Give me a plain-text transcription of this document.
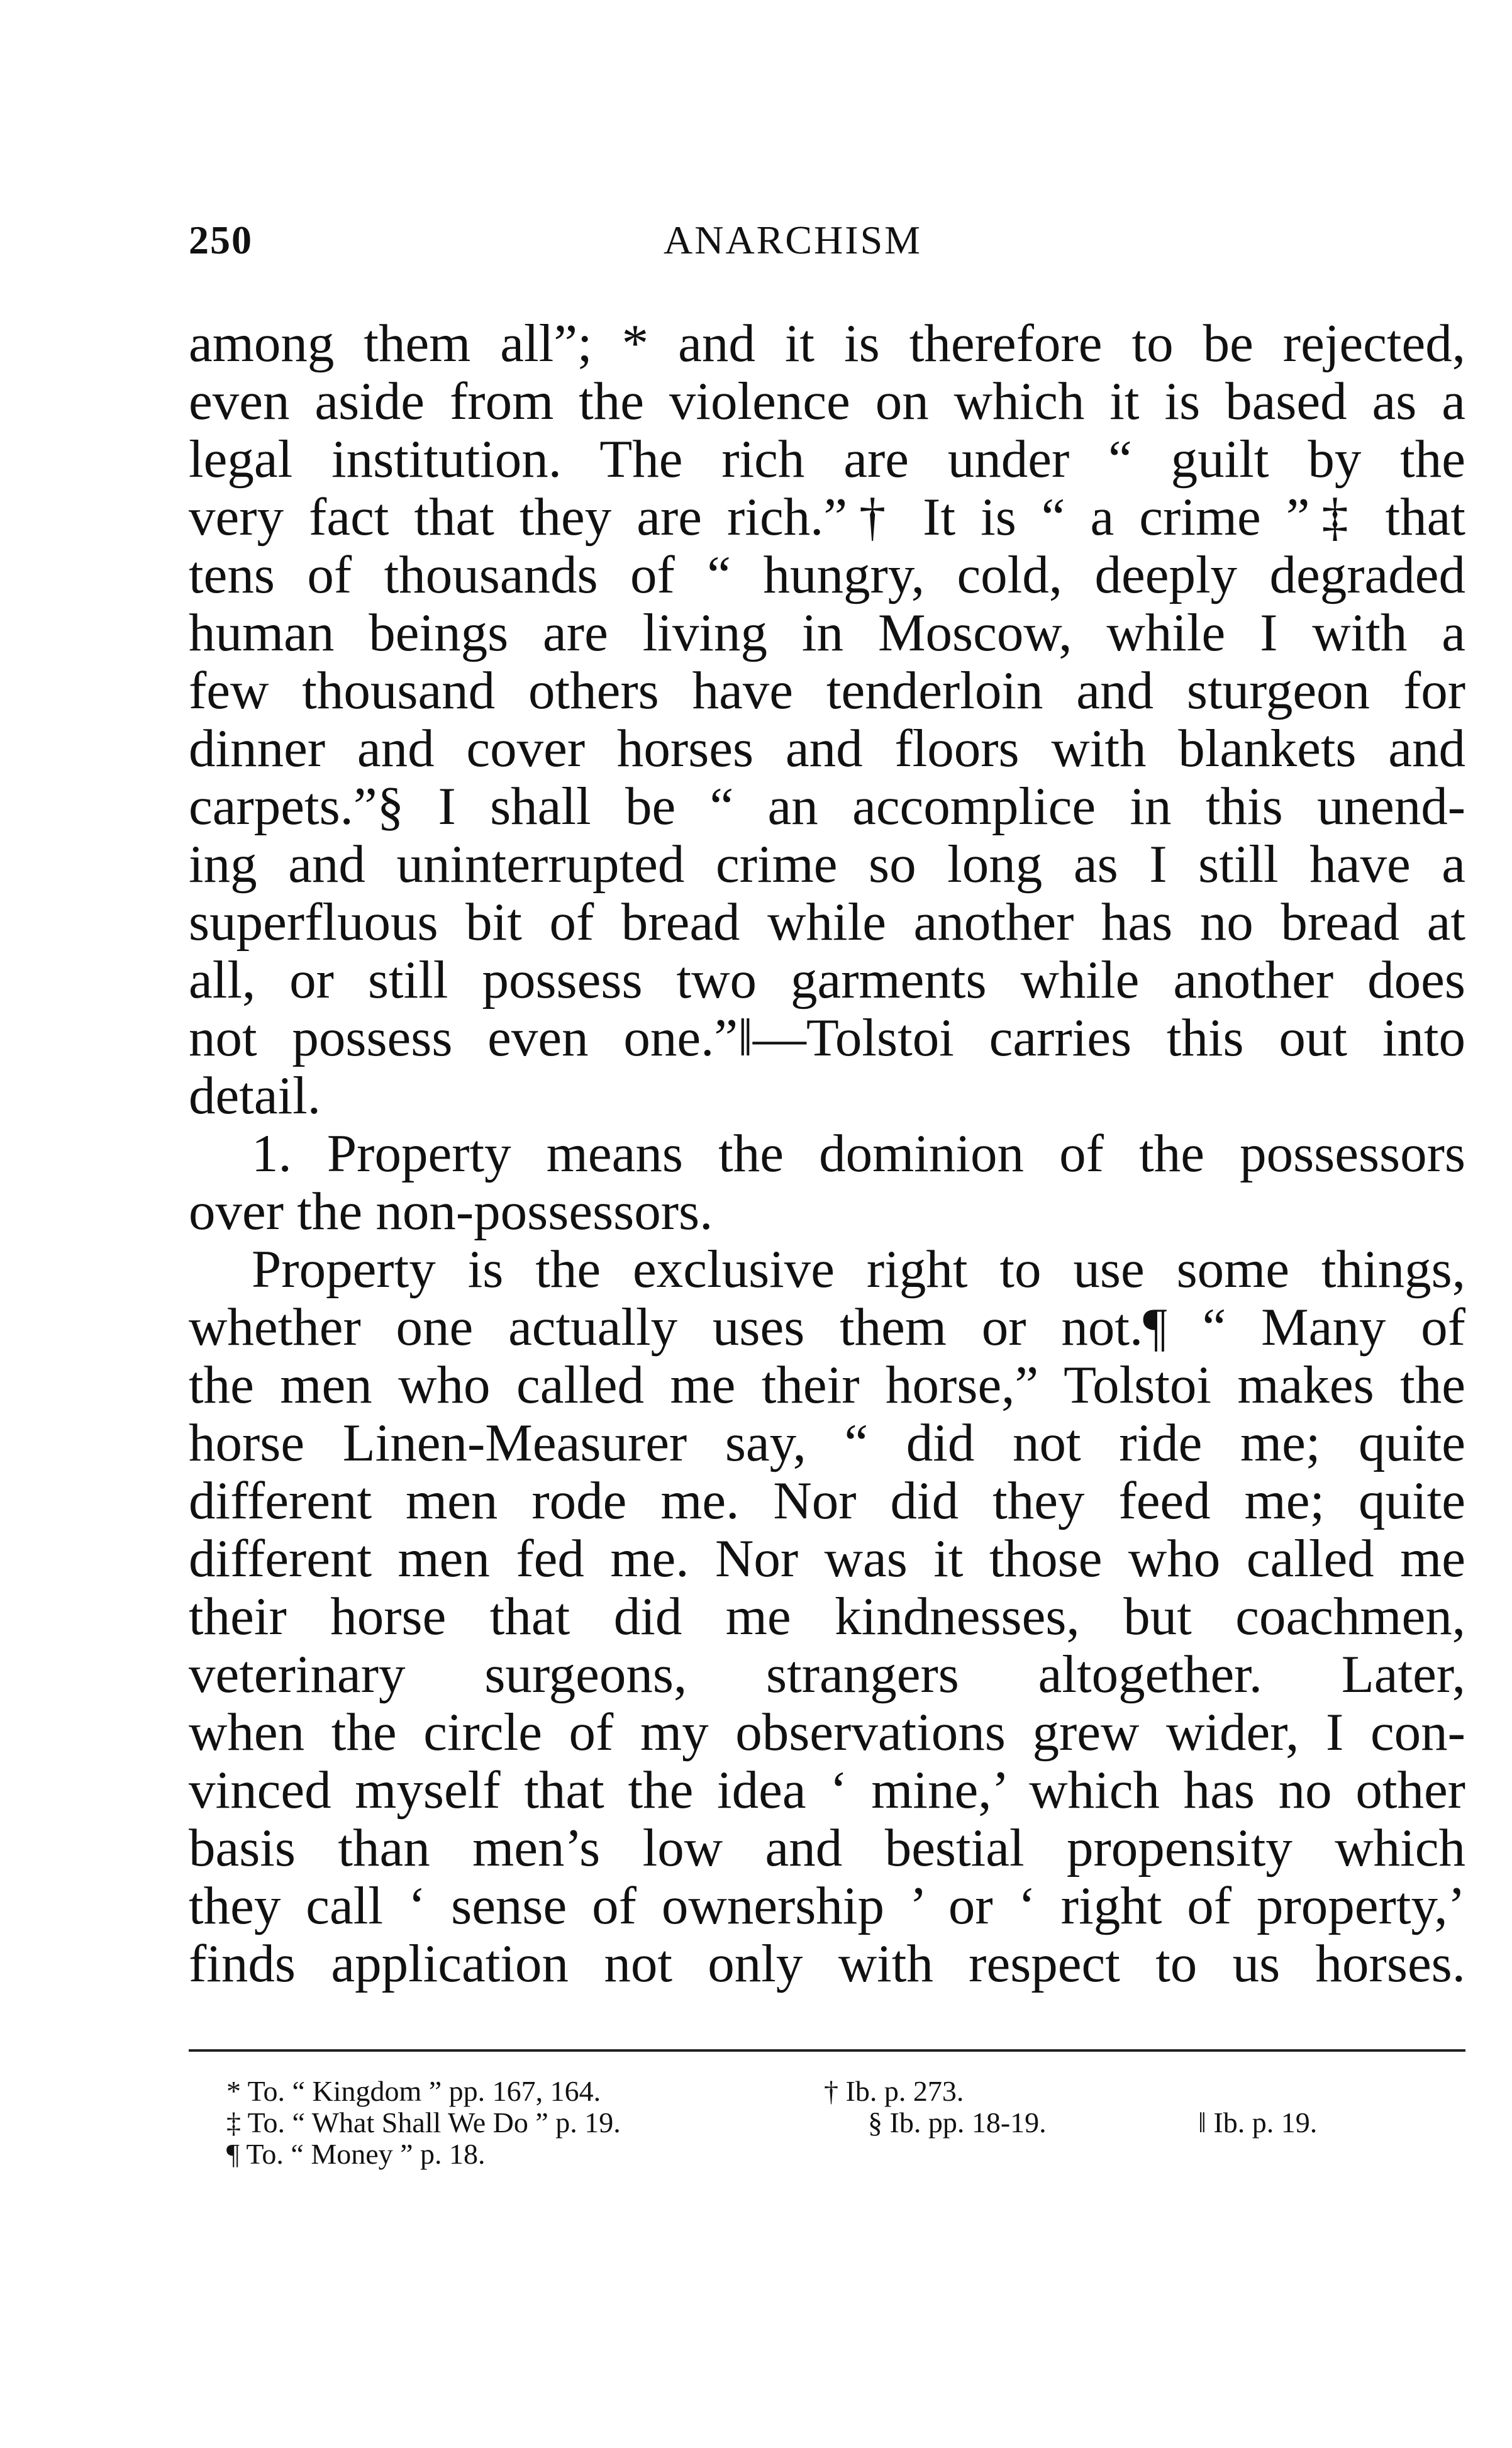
250	ANARCHISM
among them all”; * and it is therefore to be rejected,
even aside from the violence on which it is based as a
legal institution. The rich are under “ guilt by the
very fact that they are rich.”† It is “ a crime ”‡ that
tens of thousands of “ hungry, cold, deeply degraded
human beings are living in Moscow, while I with a
few thousand others have tenderloin and sturgeon for
dinner and cover horses and floors with blankets and
carpets.”§ I shall be “ an accomplice in this unend-
ing and uninterrupted crime so long as I still have a
superfluous bit of bread while another has no bread at
all, or still possess two garments while another does
not possess even one.”‖—Tolstoi carries this out into
detail.
1. Property means the dominion of the possessors
over the non-possessors.
Property is the exclusive right to use some things,
whether one actually uses them or not.¶ “ Many of
the men who called me their horse,” Tolstoi makes the
horse Linen-Measurer say, “ did not ride me; quite
different men rode me. Nor did they feed me; quite
different men fed me. Nor was it those who called me
their horse that did me kindnesses, but coachmen,
veterinary surgeons, strangers altogether. Later,
when the circle of my observations grew wider, I con-
vinced myself that the idea ‘ mine,’ which has no other
basis than men’s low and bestial propensity which
they call ‘ sense of ownership ’ or ‘ right of property,’
finds application not only with respect to us horses.
* To. “ Kingdom ” pp. 167, 164.	† Ib. p. 273.
‡ To. “ What Shall We Do ” p. 19.	§ Ib. pp. 18-19.	‖ Ib. p. 19.
¶ To. “ Money ” p. 18.
